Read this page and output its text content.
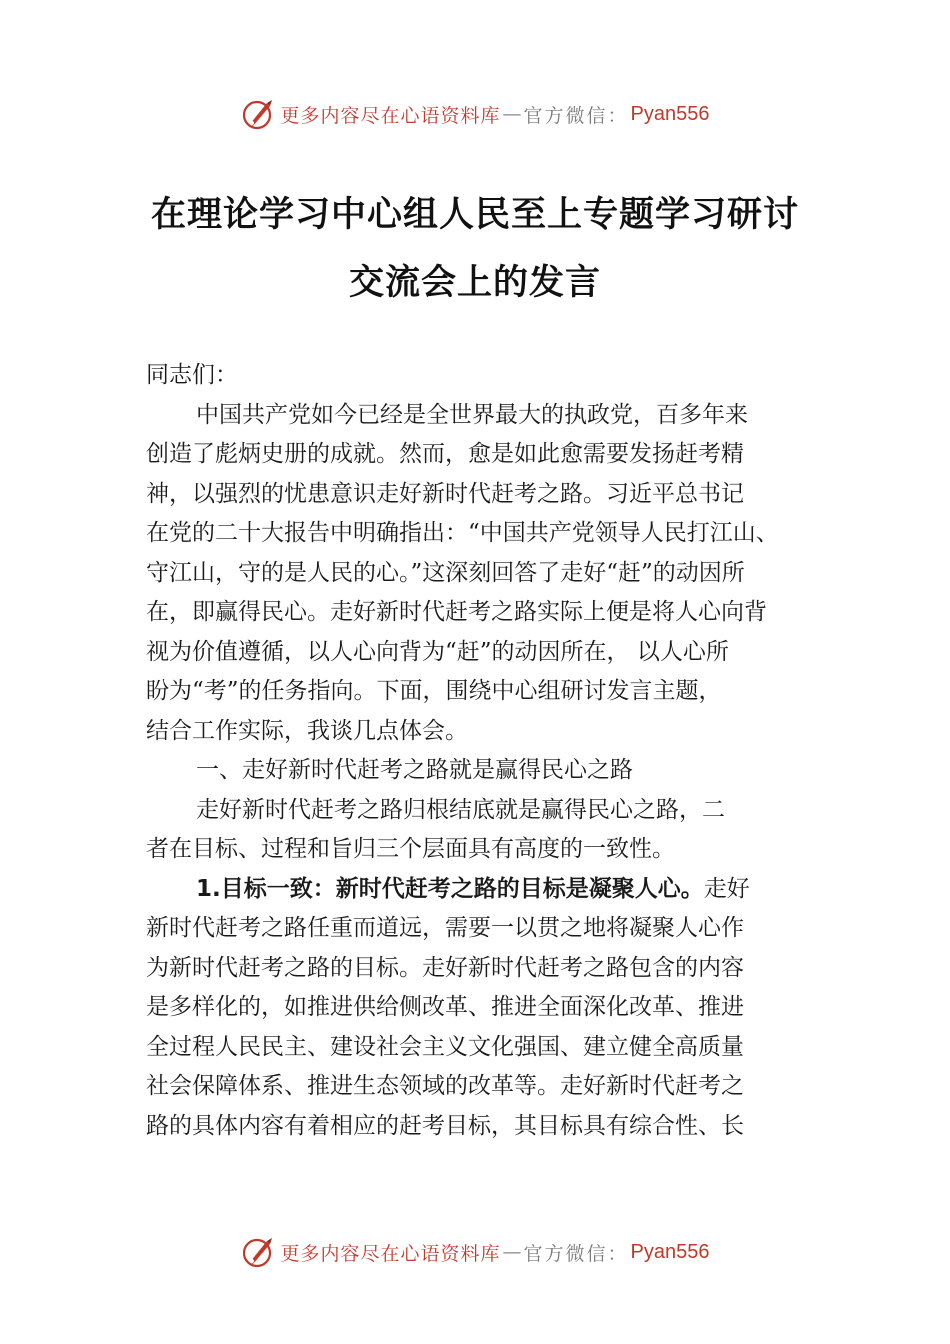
更多内容尽在心语资料库 — 官方微信： Pyan556
在理论学习中心组人民至上专题学习研讨
交流会上的发言
同志们：
中国共产党如今已经是全世界最大的执政党，百多年来
创造了彪炳史册的成就。然而，愈是如此愈需要发扬赶考精
神，以强烈的忧患意识走好新时代赶考之路。习近平总书记
在党的二十大报告中明确指出：“中国共产党领导人民打江山、
守江山，守的是人民的心。”这深刻回答了走好“赶”的动因所
在，即赢得民心。走好新时代赶考之路实际上便是将人心向背
视为价值遵循，以人心向背为“赶”的动因所在， 以人心所
盼为“考”的任务指向。下面，围绕中心组研讨发言主题，
结合工作实际，我谈几点体会。
一、走好新时代赶考之路就是赢得民心之路
走好新时代赶考之路归根结底就是赢得民心之路，二
者在目标、过程和旨归三个层面具有高度的一致性。
1.目标一致：新时代赶考之路的目标是凝聚人心。走好
新时代赶考之路任重而道远，需要一以贯之地将凝聚人心作
为新时代赶考之路的目标。走好新时代赶考之路包含的内容
是多样化的，如推进供给侧改革、推进全面深化改革、推进
全过程人民民主、建设社会主义文化强国、建立健全高质量
社会保障体系、推进生态领域的改革等。走好新时代赶考之
路的具体内容有着相应的赶考目标，其目标具有综合性、长
更多内容尽在心语资料库 — 官方微信： Pyan556
